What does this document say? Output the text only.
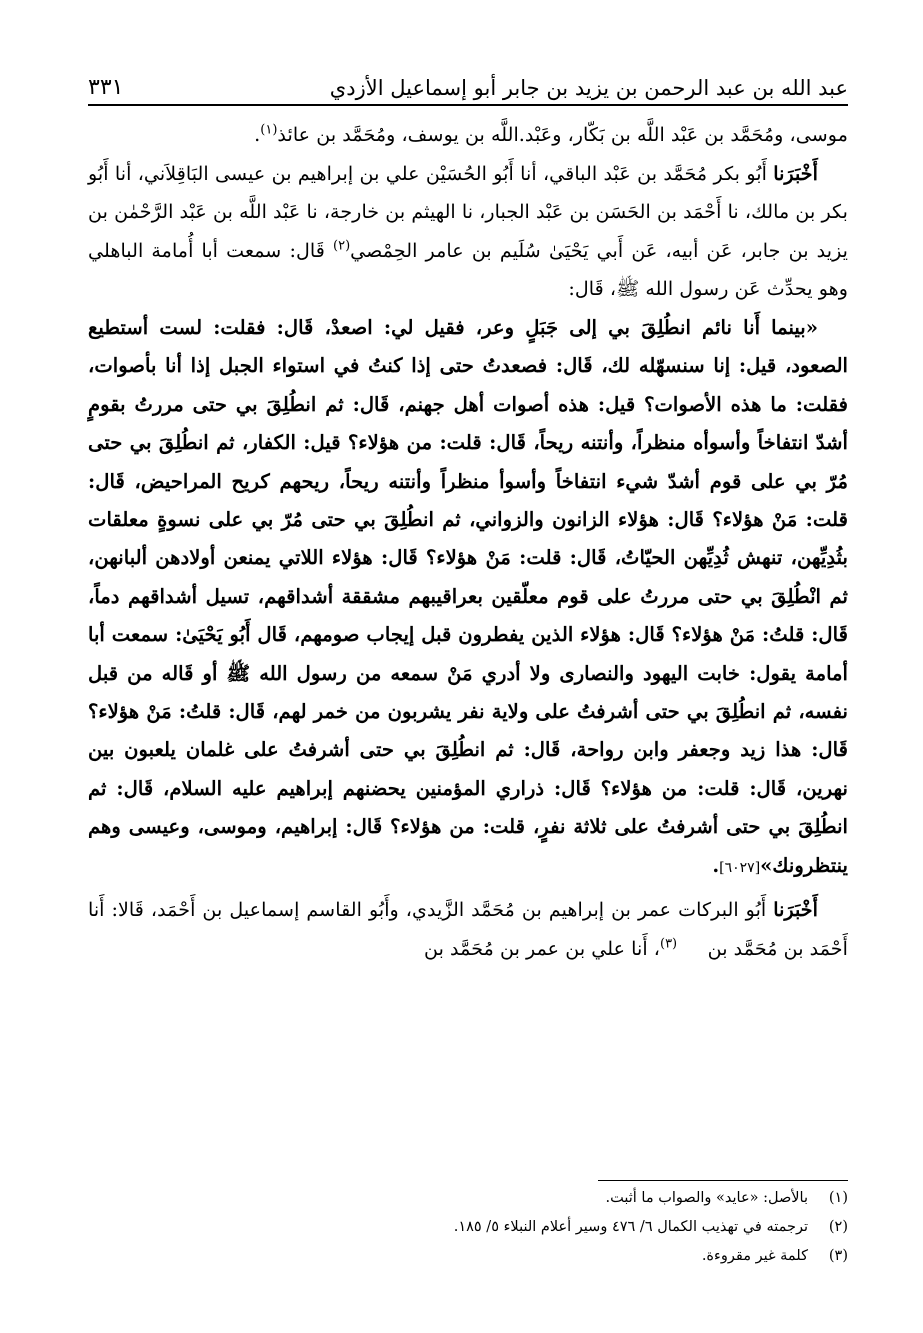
عبد الله بن عبد الرحمن بن يزيد بن جابر أبو إسماعيل الأزدي
٣٣١

موسى، ومُحَمَّد بن عَبْد اللَّه بن بَكّار، وعَبْد.اللَّه بن يوسف، ومُحَمَّد بن عائذ$^{(١)}$.

أَخْبَرَنا أَبُو بكر مُحَمَّد بن عَبْد الباقي، أنا أَبُو الحُسَيْن علي بن إبراهيم بن عيسى البَاقِلاَني، أنا أَبُو بكر بن مالك، نا أَحْمَد بن الحَسَن بن عَبْد الجبار، نا الهيثم بن خارجة، نا عَبْد اللَّه بن عَبْد الرَّحْمٰن بن يزيد بن جابر، عَن أبيه، عَن أَبي يَحْيَىٰ سُلَيم بن عامر الحِمْصي$^{(٢)}$ قَال: سمعت أبا أُمامة الباهلي وهو يحدِّث عَن رسول الله ﷺ، قَال:

«بينما أَنا نائم انطُلِقَ بي إلى جَبَلٍ وعر، فقيل لي: اصعدْ، قَال: فقلت: لست أستطيع الصعود، قيل: إنا سنسهّله لك، قَال: فصعدتُ حتى إذا كنتُ في استواء الجبل إذا أنا بأصوات، فقلت: ما هذه الأصوات؟ قيل: هذه أصوات أهل جهنم، قَال: ثم انطُلِقَ بي حتى مررتُ بقومٍ أشدّ انتفاخاً وأسوأه منظراً، وأنتنه ريحاً، قَال: قلت: من هؤلاء؟ قيل: الكفار، ثم انطُلِقَ بي حتى مُرّ بي على قوم أشدّ شيء انتفاخاً وأسوأ منظراً وأنتنه ريحاً، ريحهم كريح المراحيض، قَال: قلت: مَنْ هؤلاء؟ قَال: هؤلاء الزانون والزواني، ثم انطُلِقَ بي حتى مُرّ بي على نسوةٍ معلقات بثُدِيِّهن، تنهش ثُدِيِّهن الحيّاتُ، قَال: قلت: مَنْ هؤلاء؟ قَال: هؤلاء اللاتي يمنعن أولادهن ألبانهن، ثم انْطُلِقَ بي حتى مررتُ على قوم معلّقين بعراقيبهم مشققة أشداقهم، تسيل أشداقهم دماً، قَال: قلتُ: مَنْ هؤلاء؟ قَال: هؤلاء الذين يفطرون قبل إيجاب صومهم، قَال أَبُو يَحْيَىٰ: سمعت أبا أمامة يقول: خابت اليهود والنصارى ولا أدري مَنْ سمعه من رسول الله ﷺ أو قَاله من قبل نفسه، ثم انطُلِقَ بي حتى أشرفتُ على ولاية نفر يشربون من خمر لهم، قَال: قلتُ: مَنْ هؤلاء؟ قَال: هذا زيد وجعفر وابن رواحة، قَال: ثم انطُلِقَ بي حتى أشرفتُ على غلمان يلعبون بين نهرين، قَال: قلت: من هؤلاء؟ قَال: ذراري المؤمنين يحضنهم إبراهيم عليه السلام، قَال: ثم انطُلِقَ بي حتى أشرفتُ على ثلاثة نفرٍ، قلت: من هؤلاء؟ قَال: إبراهيم، وموسى، وعيسى وهم ينتظرونك»[٦٠٢٧].

أَخْبَرَنا أَبُو البركات عمر بن إبراهيم بن مُحَمَّد الزَّيدي، وأَبُو القاسم إسماعيل بن أَحْمَد، قَالا: أَنا أَحْمَد بن مُحَمَّد بن     $^{(٣)}$، أَنا علي بن عمر بن مُحَمَّد بن

(١)
بالأصل: «عايد» والصواب ما أثبت.
(٢)
ترجمته في تهذيب الكمال ٦/ ٤٧٦ وسير أعلام النبلاء ٥/ ١٨٥.
(٣)
كلمة غير مقروءة.
